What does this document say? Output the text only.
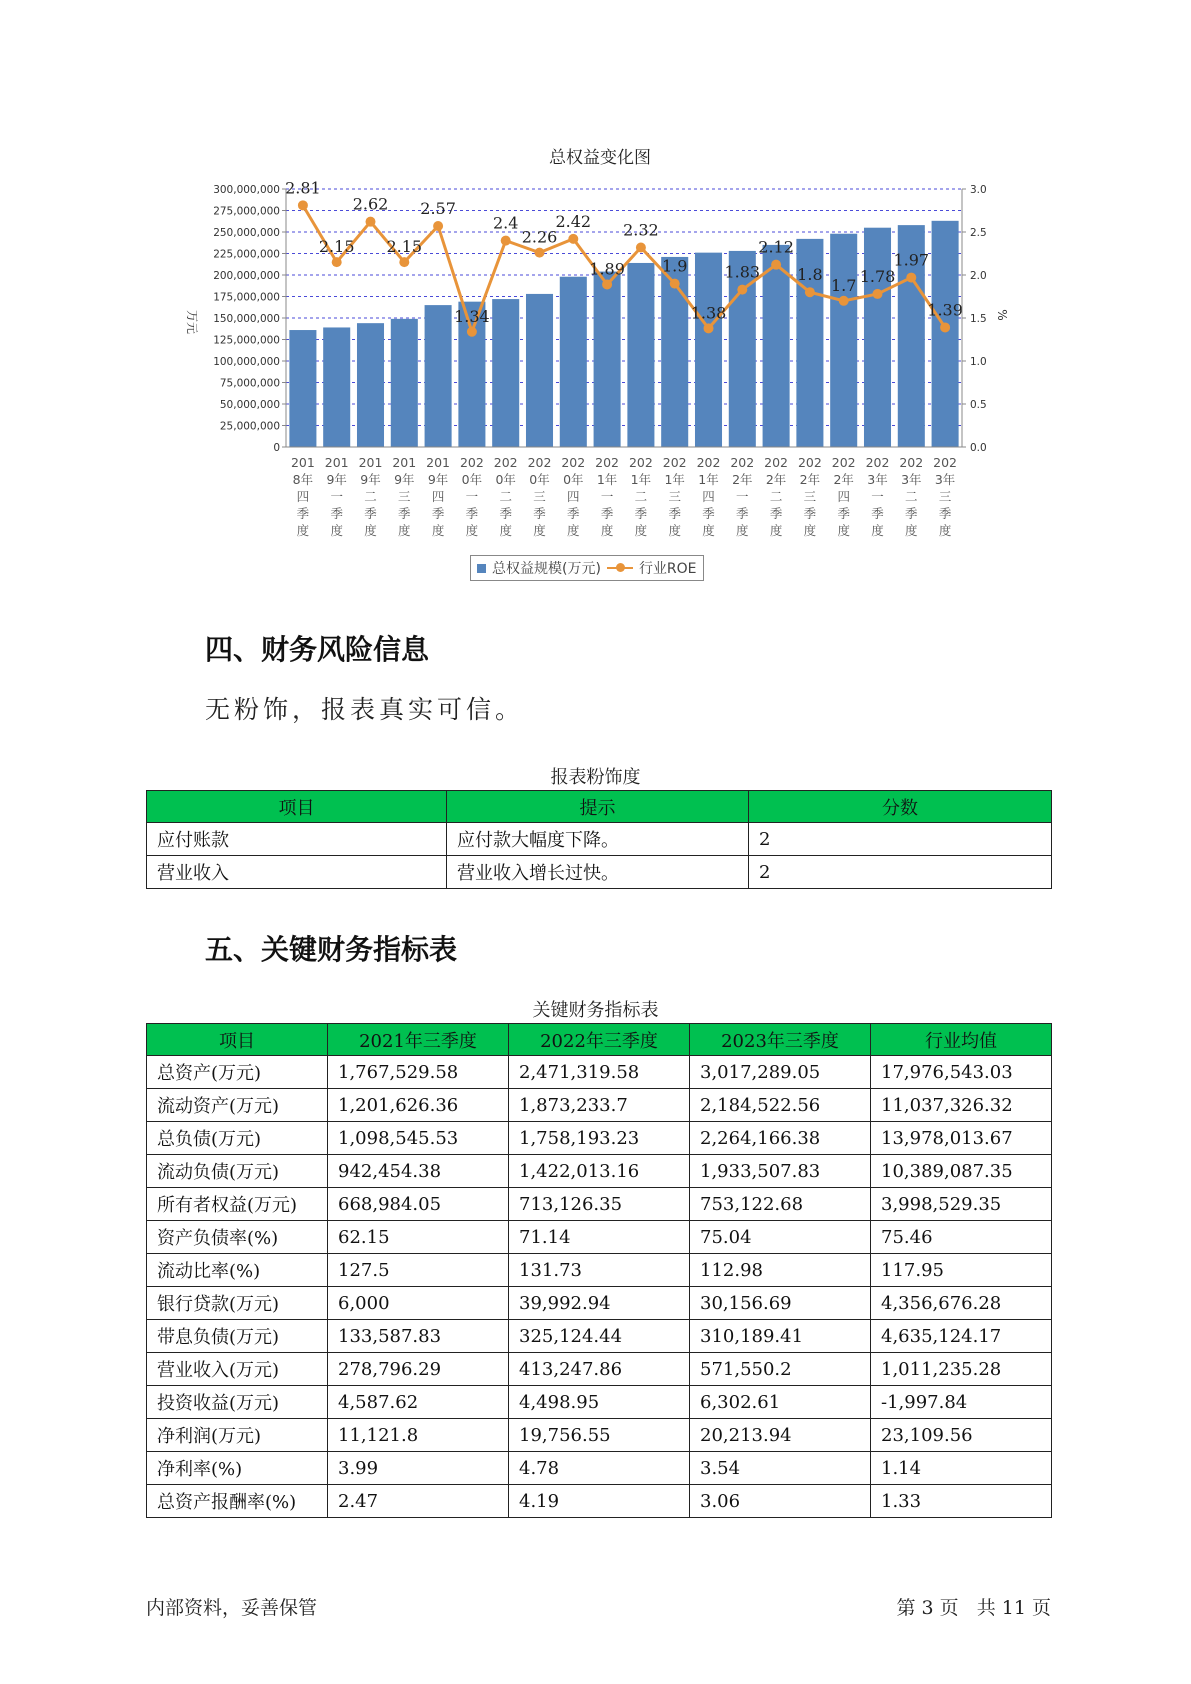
总权益变化图
万元	%
2.81
2.15
2.62
2.15
2.57
1.34
2.4
2.26
2.42
1.89
2.32
1.9
1.38
1.83
2.12
1.8
1.7 1.78
1.97
1.39
0
25,000,000
50,000,000
75,000,000
100,000,000
125,000,000
150,000,000
175,000,000
200,000,000
225,000,000
250,000,000
275,000,000
300,000,000
0.0
0.5
1.0
1.5
2.0
2.5
3.0
201 8年四季度
201 9年一季度
201 9年二季度
201 9年三季度
201 9年四季度
202 0年一季度
202 0年二季度
202 0年三季度
202 0年四季度
202 1年一季度
202 1年二季度
202 1年三季度
202 1年四季度
202 2年一季度
202 2年二季度
202 2年三季度
202 2年四季度
202 3年一季度
202 3年二季度
202 3年三季度
总权益规模(万元)	行业ROE
四、财务风险信息
无粉饰，报表真实可信。
报表粉饰度
项目	提示	分数
应付账款	应付款大幅度下降。	2
营业收入	营业收入增长过快。	2
五、关键财务指标表
关键财务指标表
项目	2021年三季度	2022年三季度	2023年三季度	行业均值
总资产(万元)	1,767,529.58	2,471,319.58	3,017,289.05	17,976,543.03
流动资产(万元)	1,201,626.36	1,873,233.7	2,184,522.56	11,037,326.32
总负债(万元)	1,098,545.53	1,758,193.23	2,264,166.38	13,978,013.67
流动负债(万元)	942,454.38	1,422,013.16	1,933,507.83	10,389,087.35
所有者权益(万元)	668,984.05	713,126.35	753,122.68	3,998,529.35
资产负债率(%)	62.15	71.14	75.04	75.46
流动比率(%)	127.5	131.73	112.98	117.95
银行贷款(万元)	6,000	39,992.94	30,156.69	4,356,676.28
带息负债(万元)	133,587.83	325,124.44	310,189.41	4,635,124.17
营业收入(万元)	278,796.29	413,247.86	571,550.2	1,011,235.28
投资收益(万元)	4,587.62	4,498.95	6,302.61	-1,997.84
净利润(万元)	11,121.8	19,756.55	20,213.94	23,109.56
净利率(%)	3.99	4.78	3.54	1.14
总资产报酬率(%)	2.47	4.19	3.06	1.33
内部资料，妥善保管	第 3 页   共 11 页
